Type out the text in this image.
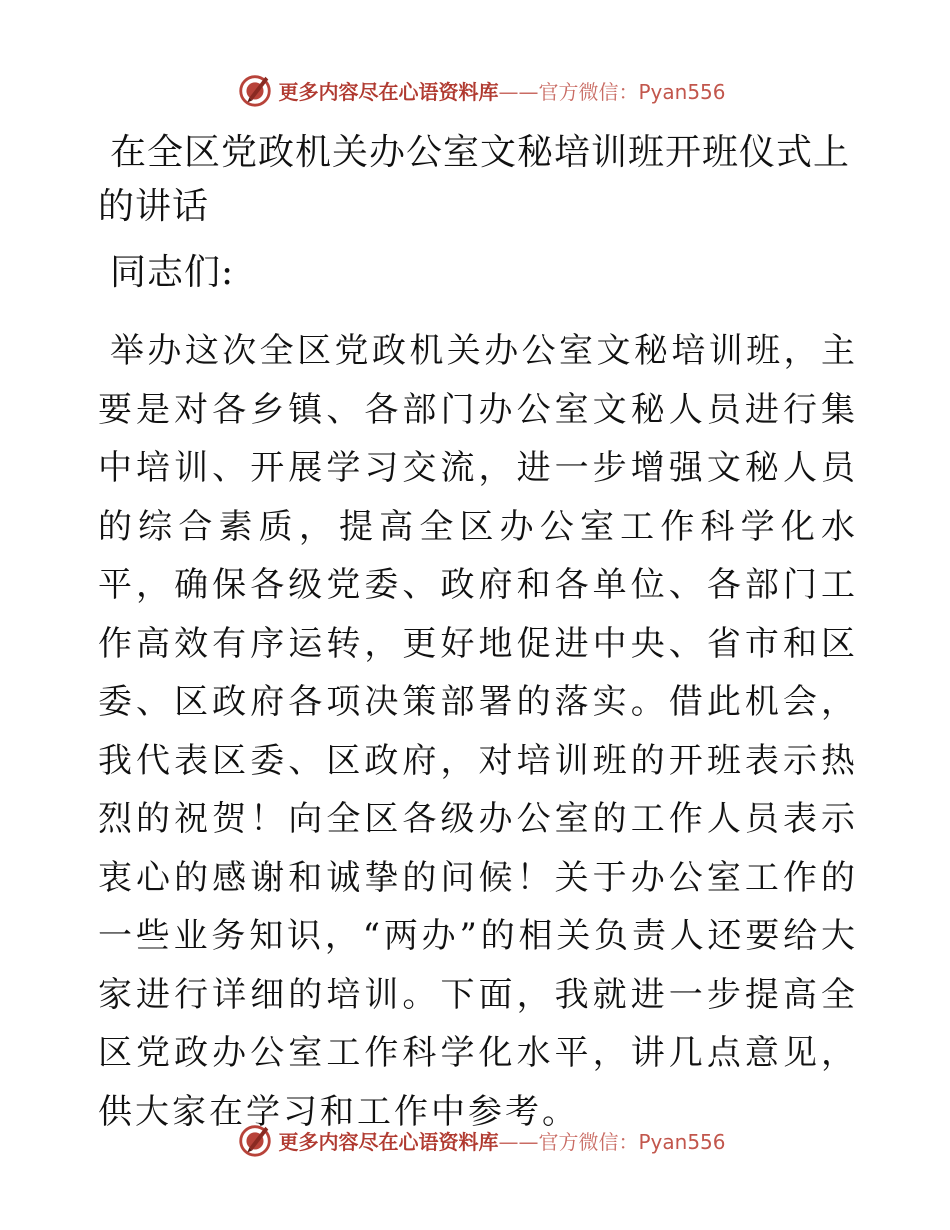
更多内容尽在心语资料库——官方微信：Pyan556
在全区党政机关办公室文秘培训班开班仪式上的讲话

同志们:

举办这次全区党政机关办公室文秘培训班，主要是对各乡镇、各部门办公室文秘人员进行集中培训、开展学习交流，进一步增强文秘人员的综合素质，提高全区办公室工作科学化水平，确保各级党委、政府和各单位、各部门工作高效有序运转，更好地促进中央、省市和区委、区政府各项决策部署的落实。借此机会，我代表区委、区政府，对培训班的开班表示热烈的祝贺！向全区各级办公室的工作人员表示衷心的感谢和诚挚的问候！关于办公室工作的一些业务知识，“两办”的相关负责人还要给大家进行详细的培训。下面，我就进一步提高全区党政办公室工作科学化水平，讲几点意见，供大家在学习和工作中参考。

更多内容尽在心语资料库——官方微信：Pyan556
